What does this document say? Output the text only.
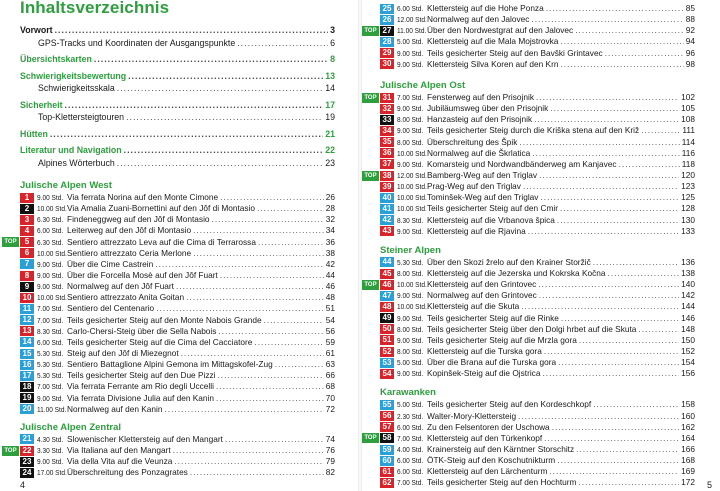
Inhaltsverzeichnis
Vorwort .....	3
GPS-Tracks und Koordinaten der Ausgangspunkte .....	6
Übersichtskarten .....	8
Schwierigkeitsbewertung .....	13
Schwierigkeitsskala .....	14
Sicherheit .....	17
Top-Klettersteigtouren .....	19
Hütten .....	21
Literatur und Navigation .....	22
Alpines Wörterbuch .....	23
Julische Alpen West
1	9.00 Std. Via ferrata Norina auf den Monte Cimone .....	26
2	10.00 Std. Via Amalia Zuani-Bornettini auf den Jôf di Montasio .....	28
3	6.30 Std. Findeneggweg auf den Jôf di Montasio .....	32
4	6.00 Std. Leiterweg auf den Jôf di Montasio .....	34
TOP	5	6.30 Std. Sentiero attrezzato Leva auf die Cima di Terrarossa .....	36
6	10.00 Std. Sentiero attrezzato Ceria Merlone .....	38
7	9.00 Std. Über die Cime Castrein .....	42
8	9.00 Std. Über die Forcella Mosè auf den Jôf Fuart .....	44
9	9.00 Std. Normalweg auf den Jôf Fuart .....	46
10 10.00 Std. Sentiero attrezzato Anita Goitan .....	48
11 7.00 Std. Sentiero del Centenario .....	51
12 7.00 Std. Teils gesicherter Steig auf den Monte Nabois Grande .....	54
13 8.30 Std. Carlo-Chersi-Steig über die Sella Nabois .....	56
14 6.00 Std. Teils gesicherter Steig auf die Cima del Cacciatore .....	59
15 5.30 Std. Steig auf den Jôf di Miezegnot .....	61
16 5.30 Std. Sentiero Battaglione Alpini Gemona im Mittagskofel-Zug .....	63
17 5.30 Std. Teils gesicherter Steig auf den Due Pizzi .....	66
18 7.00 Std. Via ferrata Ferrante am Rio degli Uccelli .....	68
19 9.00 Std. Via ferrata Divisione Julia auf den Kanin .....	70
20 11.00 Std. Normalweg auf den Kanin .....	72
Julische Alpen Zentral
21 4.30 Std. Slowenischer Klettersteig auf den Mangart .....	74
TOP 22 3.30 Std. Via Italiana auf den Mangart .....	76
23 9.00 Std. Via della Vita auf die Veunza .....	79
24 17.00 Std. Überschreitung des Ponzagrates .....	82
4
25 6.00 Std. Klettersteig auf die Hohe Ponza .....	85
26 12.00 Std. Normalweg auf den Jalovec .....	88
TOP 27 11.00 Std. Über den Nordwestgrat auf den Jalovec .....	92
28 5.00 Std. Klettersteig auf die Mala Mojstrovka .....	94
29 9.00 Std. Teils gesicherter Steig auf den Bavški Grintavec .....	96
30 9.00 Std. Klettersteig Silva Koren auf den Krn .....	98
Julische Alpen Ost
TOP 31 7.00 Std. Fensterweg auf den Prisojnik .....	102
32 9.00 Std. Jubiläumsweg über den Prisojnik .....	105
33 8.00 Std. Hanzasteig auf den Prisojnik .....	108
34 9.00 Std. Teils gesicherter Steig durch die Kriška stena auf den Križ .....	111
35 8.00 Std. Überschreitung des Špik .....	114
36 10.00 Std. Normalweg auf die Škrlatica .....	116
37 9.00 Std. Komarsteig und Nordwandbänderweg am Kanjavec .....	118
TOP 38 12.00 Std. Bamberg-Weg auf den Triglav .....	120
39 10.00 Std. Prag-Weg auf den Triglav .....	123
40 10.00 Std. Tominšek-Weg auf den Triglav .....	125
41 10.00 Std. Teils gesicherter Steig auf den Cmir .....	128
42 8.30 Std. Klettersteig auf die Vrbanova špica .....	130
43 9.00 Std. Klettersteig auf die Rjavina .....	133
Steiner Alpen
44 5.30 Std. Über den Skozi žrelo auf den Krainer Storžič .....	136
45 8.00 Std. Klettersteig auf die Jezerska und Kokrska Kočna .....	138
TOP 46 10.00 Std. Klettersteig auf den Grintovec .....	140
47 9.00 Std. Normalweg auf den Grintovec .....	142
48 10.00 Std. Klettersteig auf die Skuta .....	144
49 9.00 Std. Teils gesicherter Steig auf die Rinke .....	146
50 8.00 Std. Teils gesicherter Steig über den Dolgi hrbet auf die Skuta .....	148
51 9.00 Std. Teils gesicherter Steig auf die Mrzla gora .....	150
52 8.00 Std. Klettersteig auf die Turska gora .....	152
53 5.00 Std. Über die Brana auf die Turska gora .....	154
54 9.00 Std. Kopinšek-Steig auf die Ojstrica .....	156
Karawanken
55 5.00 Std. Teils gesicherter Steig auf den Kordeschkopf .....	158
56 2.30 Std. Walter-Mory-Klettersteig .....	160
57 6.00 Std. Zu den Felsentoren der Uschowa .....	162
TOP 58 7.00 Std. Klettersteig auf den Türkenkopf .....	164
59 4.00 Std. Krainersteig auf den Kärntner Storschitz .....	166
60 6.00 Std. ÖTK-Steig auf den Koschutnikturm .....	168
61 6.00 Std. Klettersteig auf den Lärchenturm .....	169
62 7.00 Std. Teils gesicherter Steig auf den Hochturm .....	172 5
